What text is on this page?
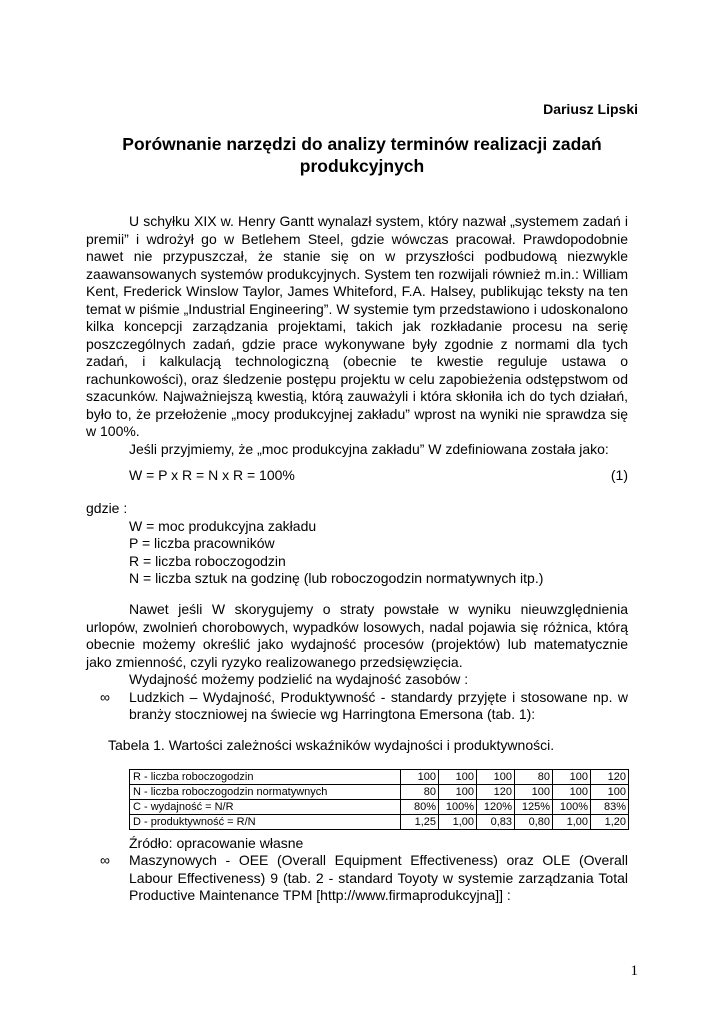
Dariusz Lipski
Porównanie narzędzi do analizy terminów realizacji zadań produkcyjnych

U schyłku XIX w. Henry Gantt wynalazł system, który nazwał „systemem zadań i premii” i wdrożył go w Betlehem Steel, gdzie wówczas pracował. Prawdopodobnie nawet nie przypuszczał, że stanie się on w przyszłości podbudową niezwykle zaawansowanych systemów produkcyjnych. System ten rozwijali również m.in.: William Kent, Frederick Winslow Taylor, James Whiteford, F.A. Halsey, publikując teksty na ten temat w piśmie „Industrial Engineering”. W systemie tym przedstawiono i udoskonalono kilka koncepcji zarządzania projektami, takich jak rozkładanie procesu na serię poszczególnych zadań, gdzie prace wykonywane były zgodnie z normami dla tych zadań, i kalkulacją technologiczną (obecnie te kwestie reguluje ustawa o rachunkowości), oraz śledzenie postępu projektu w celu zapobieżenia odstępstwom od szacunków. Najważniejszą kwestią, którą zauważyli i która skłoniła ich do tych działań, było to, że przełożenie „mocy produkcyjnej zakładu” wprost na wyniki nie sprawdza się w 100%.

Jeśli przyjmiemy, że „moc produkcyjna zakładu” W zdefiniowana została jako:
W = P x R = N x R = 100%	(1)
gdzie :
W = moc produkcyjna zakładu
P = liczba pracowników
R = liczba roboczogodzin
N = liczba sztuk na godzinę (lub roboczogodzin normatywnych itp.)

Nawet jeśli W skorygujemy o straty powstałe w wyniku nieuwzględnienia urlopów, zwolnień chorobowych, wypadków losowych, nadal pojawia się różnica, którą obecnie możemy określić jako wydajność procesów (projektów) lub matematycznie jako zmienność, czyli ryzyko realizowanego przedsięwzięcia.

Wydajność możemy podzielić na wydajność zasobów :
∞ Ludzkich – Wydajność, Produktywność - standardy przyjęte i stosowane np. w branży stoczniowej na świecie wg Harringtona Emersona (tab. 1):
Tabela 1. Wartości zależności wskaźników wydajności i produktywności.
R - liczba roboczogodzin	100	100	100	80	100	120
N - liczba roboczogodzin normatywnych	80	100	120	100	100	100
C - wydajność = N/R	80%	100%	120%	125%	100%	83%
D - produktywność = R/N	1,25	1,00	0,83	0,80	1,00	1,20
Źródło: opracowanie własne
∞ Maszynowych - OEE (Overall Equipment Effectiveness) oraz OLE (Overall Labour Effectiveness) 9 (tab. 2 - standard Toyoty w systemie zarządzania Total Productive Maintenance TPM [http://www.firmaprodukcyjna]] :
1
